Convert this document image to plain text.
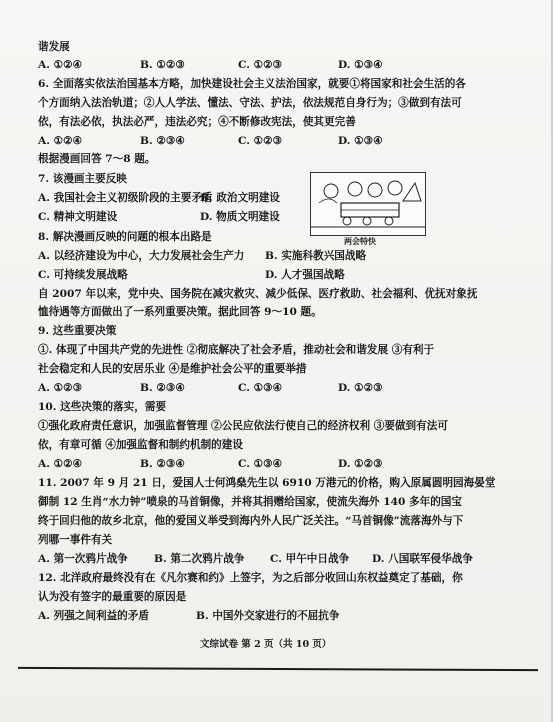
谐发展
A. ①②④	B. ①②③	C. ①②③	D. ①③④
6. 全面落实依法治国基本方略，加快建设社会主义法治国家，就要①将国家和社会生活的各
个方面纳入法治轨道；②人人学法、懂法、守法、护法，依法规范自身行为；③做到有法可
依，有法必依，执法必严，违法必究；④不断修改宪法，使其更完善
A. ①②④	B. ②③④	C. ①②③	D. ①③④
根据漫画回答 7～8 题。
7. 该漫画主要反映
A. 我国社会主义初级阶段的主要矛盾
B. 政治文明建设
C. 精神文明建设	D. 物质文明建设
两会特快
8. 解决漫画反映的问题的根本出路是
A. 以经济建设为中心，大力发展社会生产力 B. 实施科教兴国战略
C. 可持续发展战略	D. 人才强国战略
自 2007 年以来，党中央、国务院在减灾救灾、减少低保、医疗救助、社会福利、优抚对象抚
恤待遇等方面做出了一系列重要决策。据此回答 9～10 题。
9. 这些重要决策
①. 体现了中国共产党的先进性 ②彻底解决了社会矛盾，推动社会和谐发展 ③有利于
社会稳定和人民的安居乐业 ④是维护社会公平的重要举措
A. ①②③	B. ②③④	C. ①③④	D. ①②③
10. 这些决策的落实，需要
①强化政府责任意识，加强监督管理 ②公民应依法行使自己的经济权利 ③要做到有法可
依，有章可循 ④加强监督和制约机制的建设
A. ①②④	B. ②③④	C. ①③④	D. ①②③
11. 2007 年 9 月 21 日，爱国人士何鸿燊先生以 6910 万港元的价格，购入原属圆明园海晏堂
御制 12 生肖“水力钟”喷泉的马首铜像，并将其捐赠给国家，使流失海外 140 多年的国宝
终于回归他的故乡北京，他的爱国义举受到海内外人民广泛关注。“马首铜像”流落海外与下
列哪一事件有关
A. 第一次鸦片战争 B. 第二次鸦片战争 C. 甲午中日战争 D. 八国联军侵华战争
12. 北洋政府最终没有在《凡尔赛和约》上签字，为之后部分收回山东权益奠定了基础，你
认为没有签字的最重要的原因是
A. 列强之间利益的矛盾	B. 中国外交家进行的不屈抗争
文综试卷 第 2 页（共 10 页）
